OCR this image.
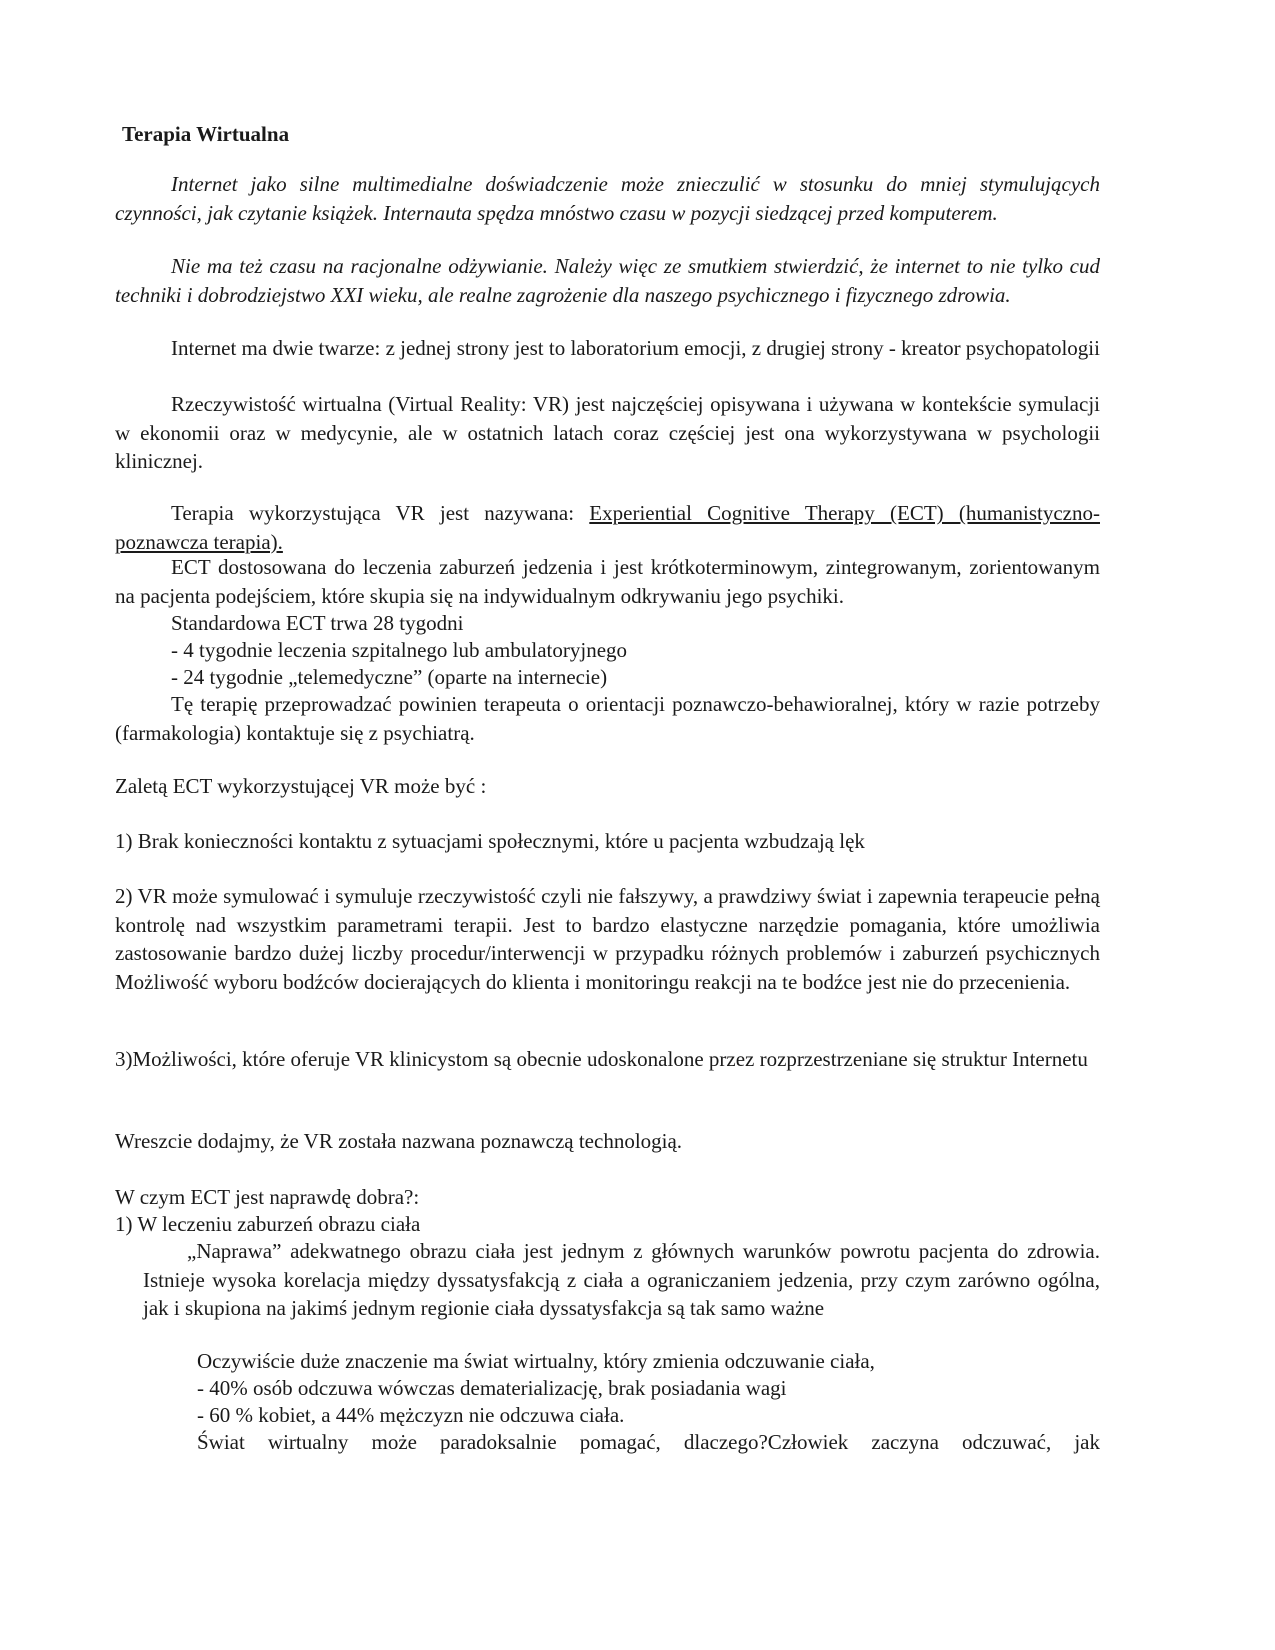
Terapia Wirtualna
Internet jako silne multimedialne doświadczenie może znieczulić w stosunku do mniej stymulujących czynności, jak czytanie książek. Internauta spędza mnóstwo czasu w pozycji siedzącej przed komputerem.
Nie ma też czasu na racjonalne odżywianie. Należy więc ze smutkiem stwierdzić, że internet to nie tylko cud techniki i dobrodziejstwo XXI wieku, ale realne zagrożenie dla naszego psychicznego i fizycznego zdrowia.
Internet ma dwie twarze: z jednej strony jest to laboratorium emocji, z drugiej strony - kreator psychopatologii
Rzeczywistość wirtualna (Virtual Reality: VR) jest najczęściej opisywana i używana w kontekście symulacji w ekonomii oraz w medycynie, ale w ostatnich latach coraz częściej jest ona wykorzystywana w psychologii klinicznej.
Terapia wykorzystująca VR jest nazywana: Experiential Cognitive Therapy (ECT) (humanistyczno-poznawcza terapia).
ECT dostosowana do leczenia zaburzeń jedzenia i jest krótkoterminowym, zintegrowanym, zorientowanym na pacjenta podejściem, które skupia się na indywidualnym odkrywaniu jego psychiki.
Standardowa ECT trwa 28 tygodni
- 4 tygodnie leczenia szpitalnego lub ambulatoryjnego
- 24 tygodnie „telemedyczne” (oparte na internecie)
Tę terapię przeprowadzać powinien terapeuta o orientacji poznawczo-behawioralnej, który w razie potrzeby (farmakologia) kontaktuje się z psychiatrą.
Zaletą ECT wykorzystującej VR może być :
1) Brak konieczności kontaktu z sytuacjami społecznymi, które u pacjenta wzbudzają lęk
2) VR może symulować i symuluje rzeczywistość czyli nie fałszywy, a prawdziwy świat i zapewnia terapeucie pełną kontrolę nad wszystkim parametrami terapii. Jest to bardzo elastyczne narzędzie pomagania, które umożliwia zastosowanie bardzo dużej liczby procedur/interwencji w przypadku różnych problemów i zaburzeń psychicznych Możliwość wyboru bodźców docierających do klienta i monitoringu reakcji na te bodźce jest nie do przecenienia.
3)Możliwości, które oferuje VR klinicystom są obecnie udoskonalone przez rozprzestrzeniane się struktur Internetu
Wreszcie dodajmy, że VR została nazwana poznawczą technologią.
W czym ECT jest naprawdę dobra?:
1) W leczeniu zaburzeń obrazu ciała
„Naprawa” adekwatnego obrazu ciała jest jednym z głównych warunków powrotu pacjenta do zdrowia. Istnieje wysoka korelacja między dyssatysfakcją z ciała a ograniczaniem jedzenia, przy czym zarówno ogólna, jak i skupiona na jakimś jednym regionie ciała dyssatysfakcja są tak samo ważne
Oczywiście duże znaczenie ma świat wirtualny, który zmienia odczuwanie ciała,
- 40% osób odczuwa wówczas dematerializację, brak posiadania wagi
- 60 % kobiet, a 44% mężczyzn nie odczuwa ciała.
Świat wirtualny może paradoksalnie pomagać, dlaczego?Człowiek zaczyna odczuwać, jak
